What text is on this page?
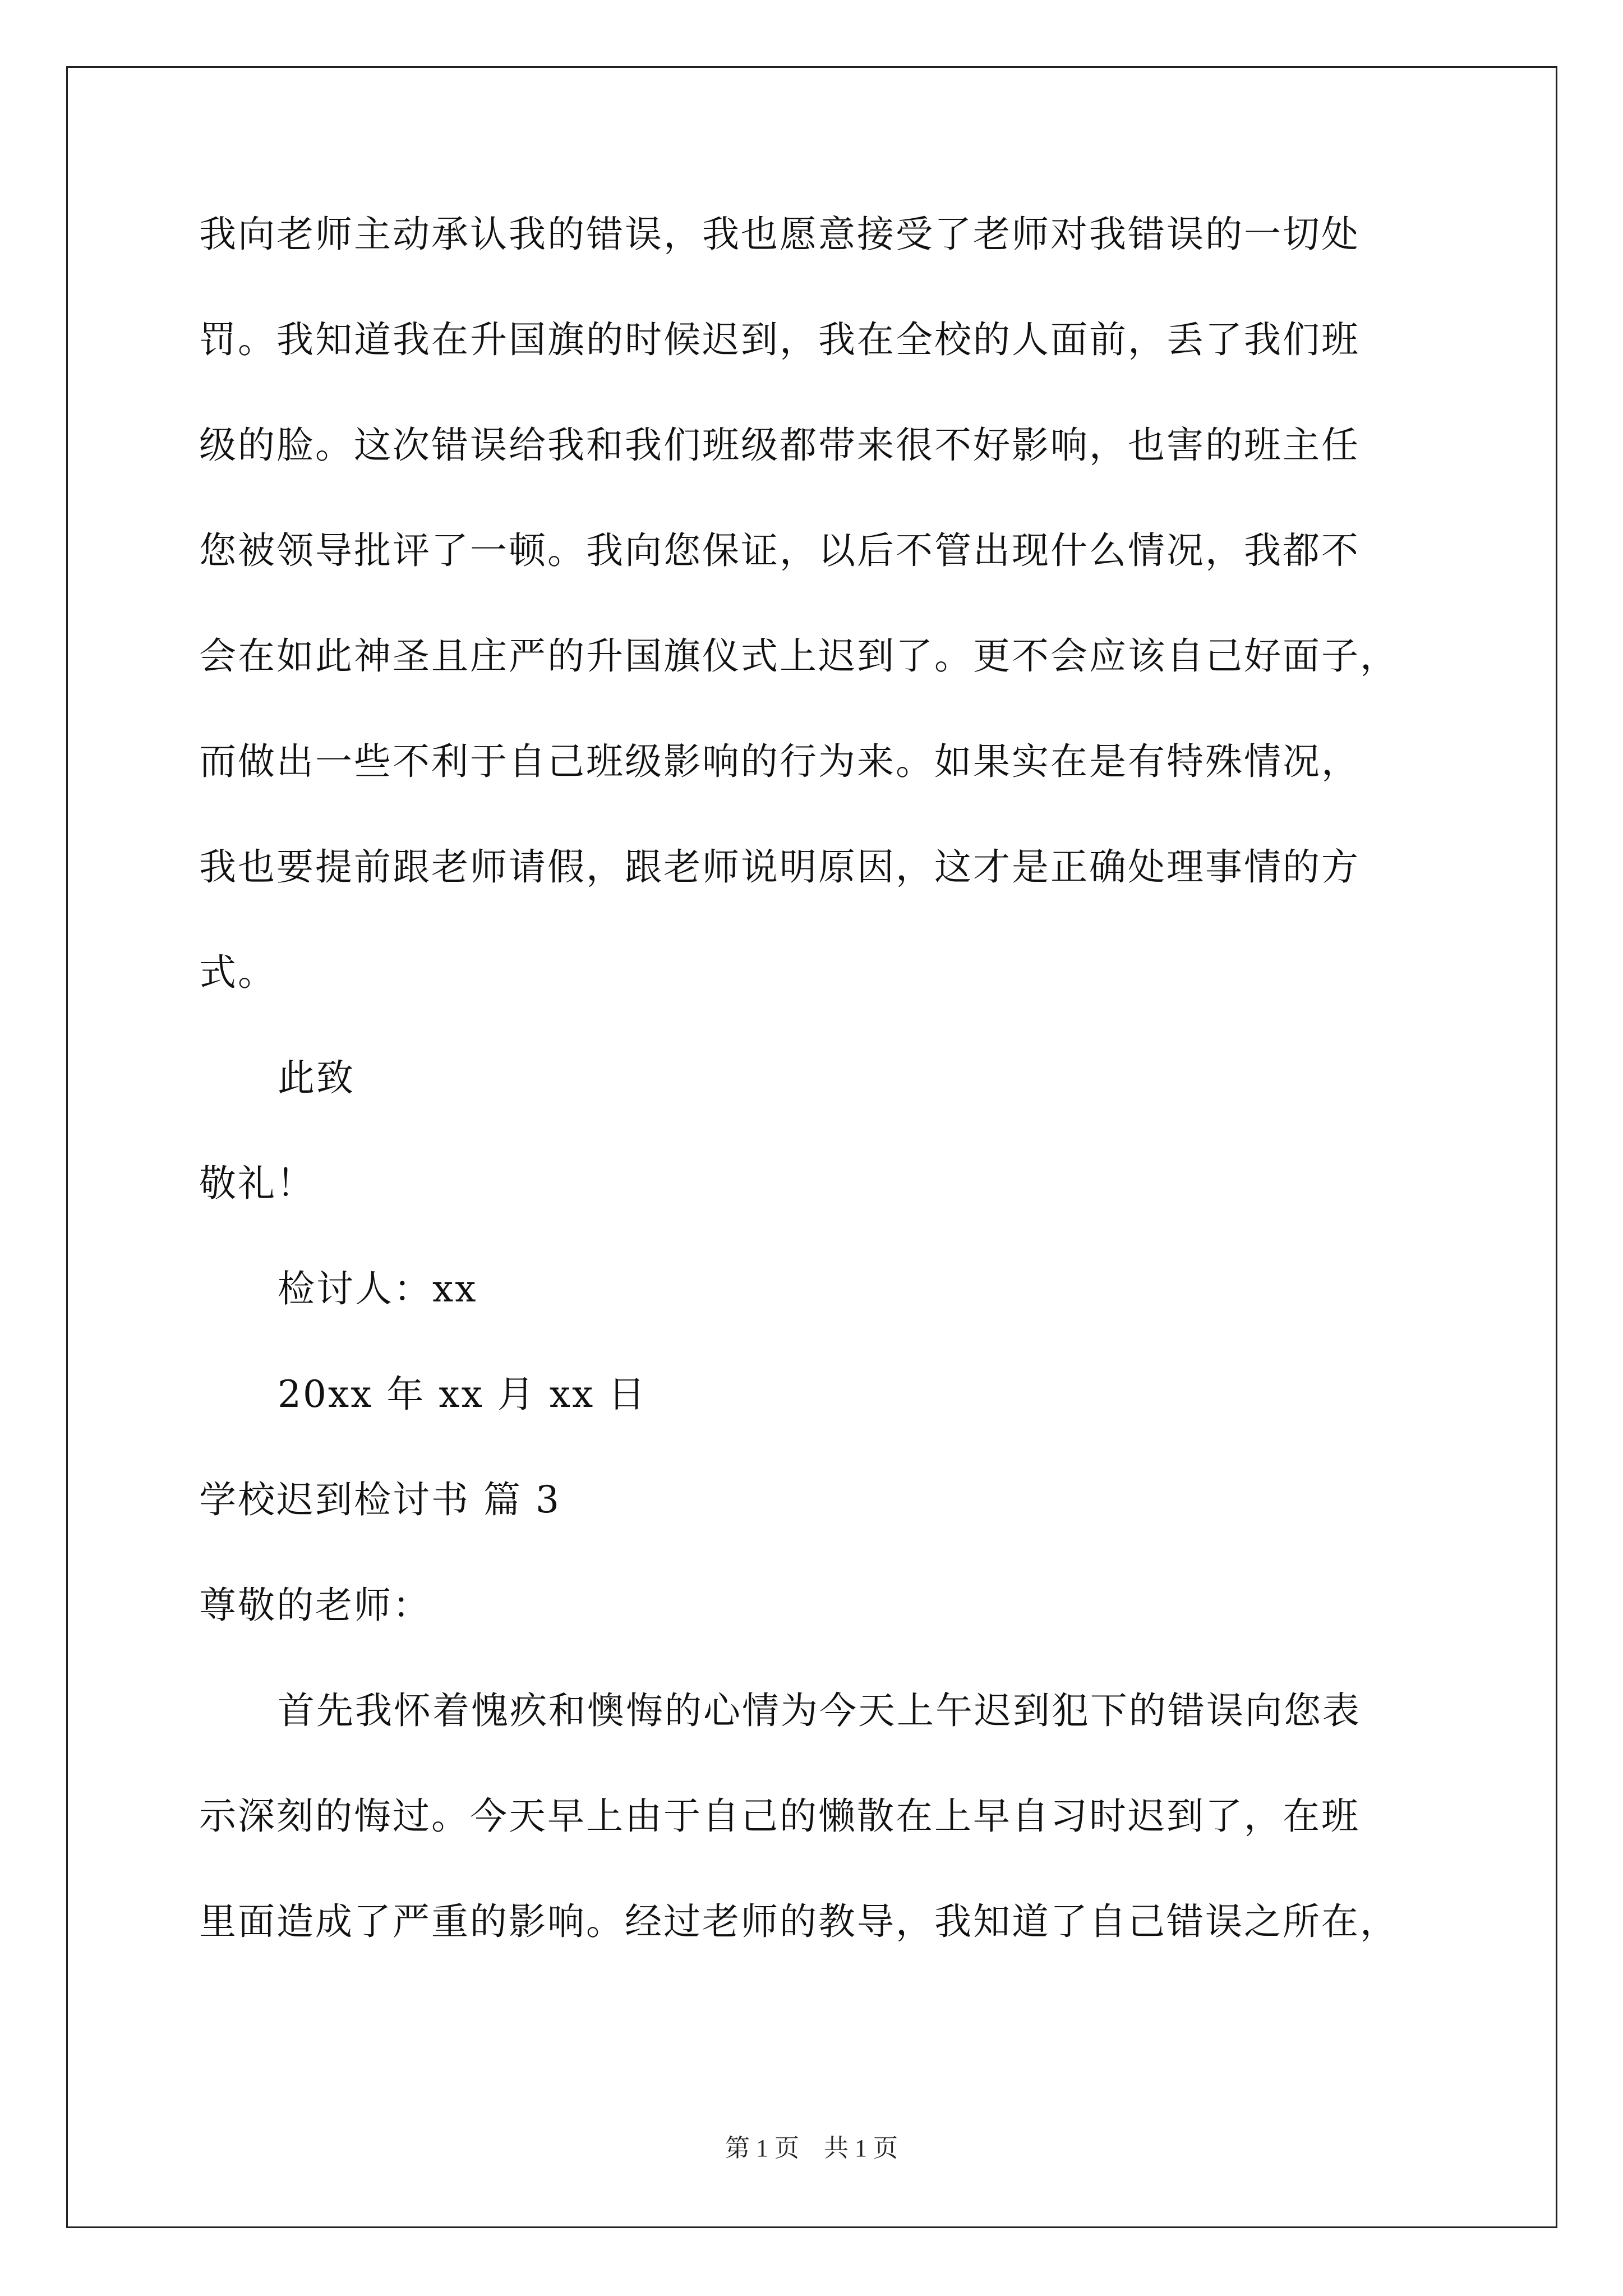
我向老师主动承认我的错误，我也愿意接受了老师对我错误的一切处
罚。我知道我在升国旗的时候迟到，我在全校的人面前，丢了我们班
级的脸。这次错误给我和我们班级都带来很不好影响，也害的班主任
您被领导批评了一顿。我向您保证，以后不管出现什么情况，我都不
会在如此神圣且庄严的升国旗仪式上迟到了。更不会应该自己好面子，
而做出一些不利于自己班级影响的行为来。如果实在是有特殊情况，
我也要提前跟老师请假，跟老师说明原因，这才是正确处理事情的方
式。
此致
敬礼！
检讨人：xx
20xx 年 xx 月 xx 日
学校迟到检讨书 篇 3
尊敬的老师：
首先我怀着愧疚和懊悔的心情为今天上午迟到犯下的错误向您表
示深刻的悔过。今天早上由于自己的懒散在上早自习时迟到了，在班
里面造成了严重的影响。经过老师的教导，我知道了自己错误之所在，
第 1 页    共 1 页
